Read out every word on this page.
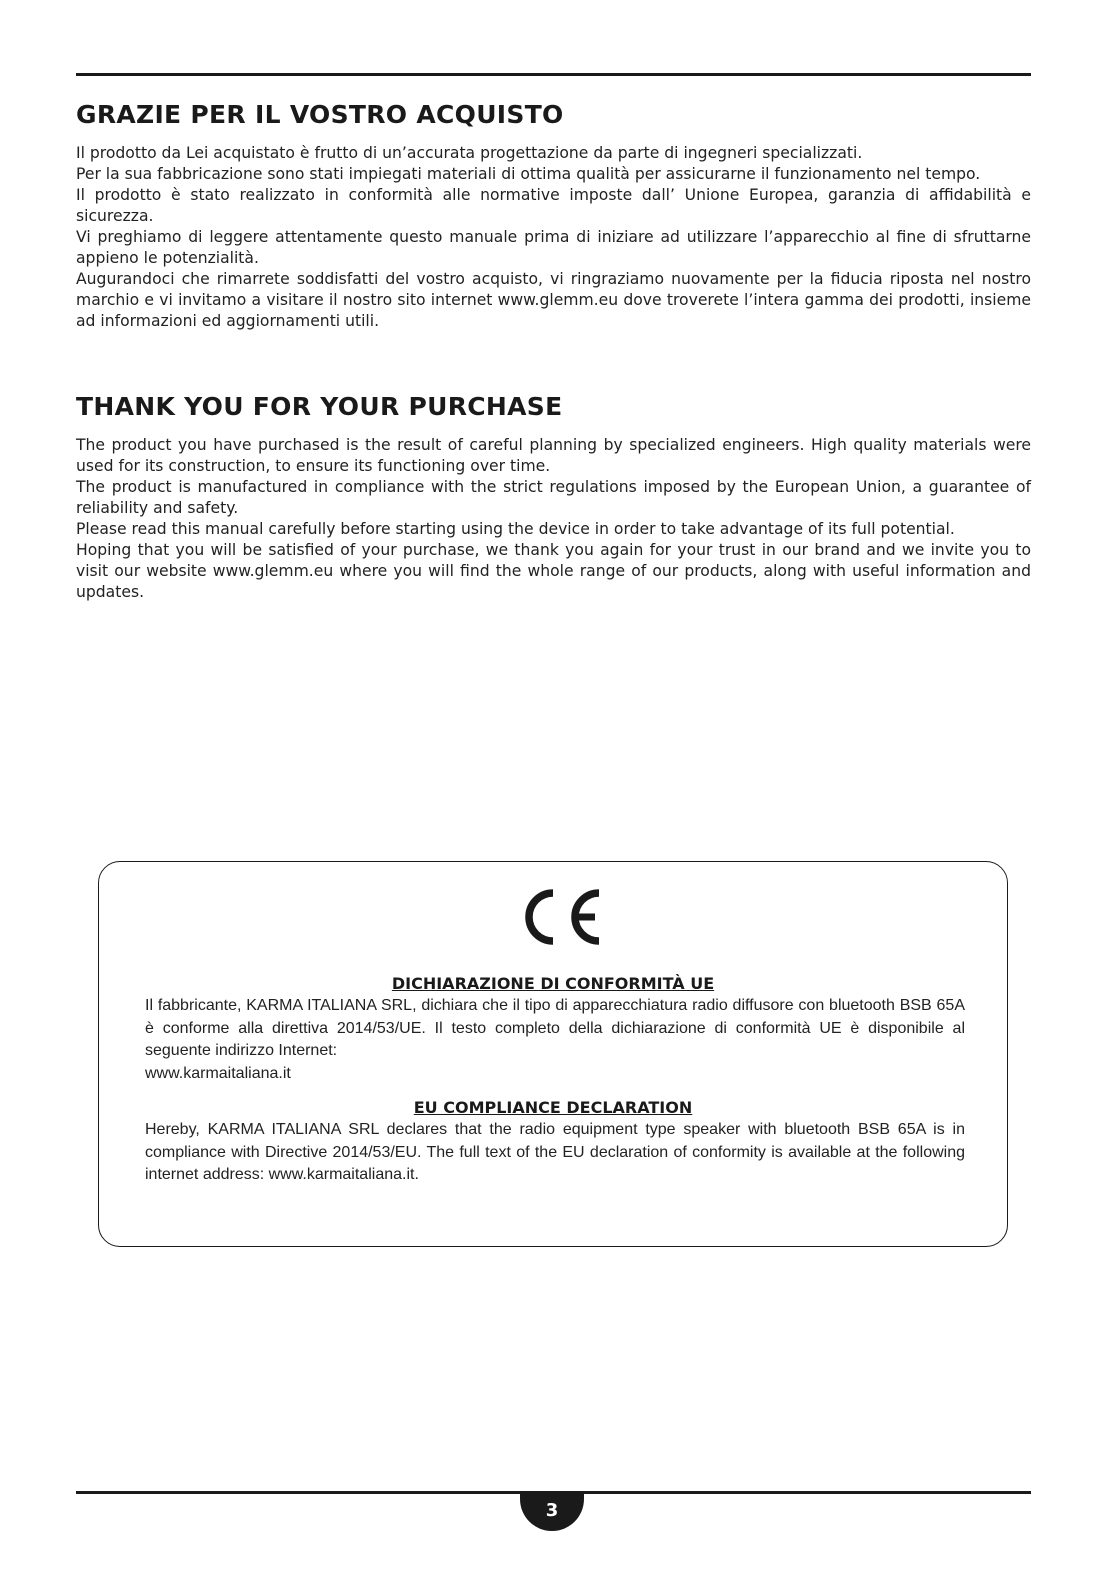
GRAZIE PER IL VOSTRO ACQUISTO

Il prodotto da Lei acquistato è frutto di un’accurata progettazione da parte di ingegneri specializzati.

Per la sua fabbricazione sono stati impiegati materiali di ottima qualità per assicurarne il funzionamento nel tempo.

Il prodotto è stato realizzato in conformità alle normative imposte dall’ Unione Europea, garanzia di affidabilità e sicurezza.

Vi preghiamo di leggere attentamente questo manuale prima di iniziare ad utilizzare l’apparecchio al fine di sfruttarne appieno le potenzialità.

Augurandoci che rimarrete soddisfatti del vostro acquisto, vi ringraziamo nuovamente per la fiducia riposta nel nostro marchio e vi invitamo a visitare il nostro sito internet www.glemm.eu dove troverete l’intera gamma dei prodotti, insieme ad informazioni ed aggiornamenti utili.

THANK YOU FOR YOUR PURCHASE

The product you have purchased is the result of careful planning by specialized engineers. High quality materials were used for its construction, to ensure its functioning over time.

The product is manufactured in compliance with the strict regulations imposed by the European Union, a guarantee of reliability and safety.

Please read this manual carefully before starting using the device in order to take advantage of its full potential.

Hoping that you will be satisfied of your purchase, we thank you again for your trust in our brand and we invite you to visit our website www.glemm.eu where you will find the whole range of our products, along with useful information and updates.

DICHIARAZIONE DI CONFORMITÀ UE

Il fabbricante, KARMA ITALIANA SRL, dichiara che il tipo di apparecchiatura radio diffusore con bluetooth BSB 65A è conforme alla direttiva 2014/53/UE. Il testo completo della dichiarazione di conformità UE è disponibile al seguente indirizzo Internet:
www.karmaitaliana.it

EU COMPLIANCE DECLARATION

Hereby, KARMA ITALIANA SRL declares that the radio equipment type speaker with bluetooth BSB 65A is in compliance with Directive 2014/53/EU. The full text of the EU declaration of conformity is available at the following internet address: www.karmaitaliana.it.

3
